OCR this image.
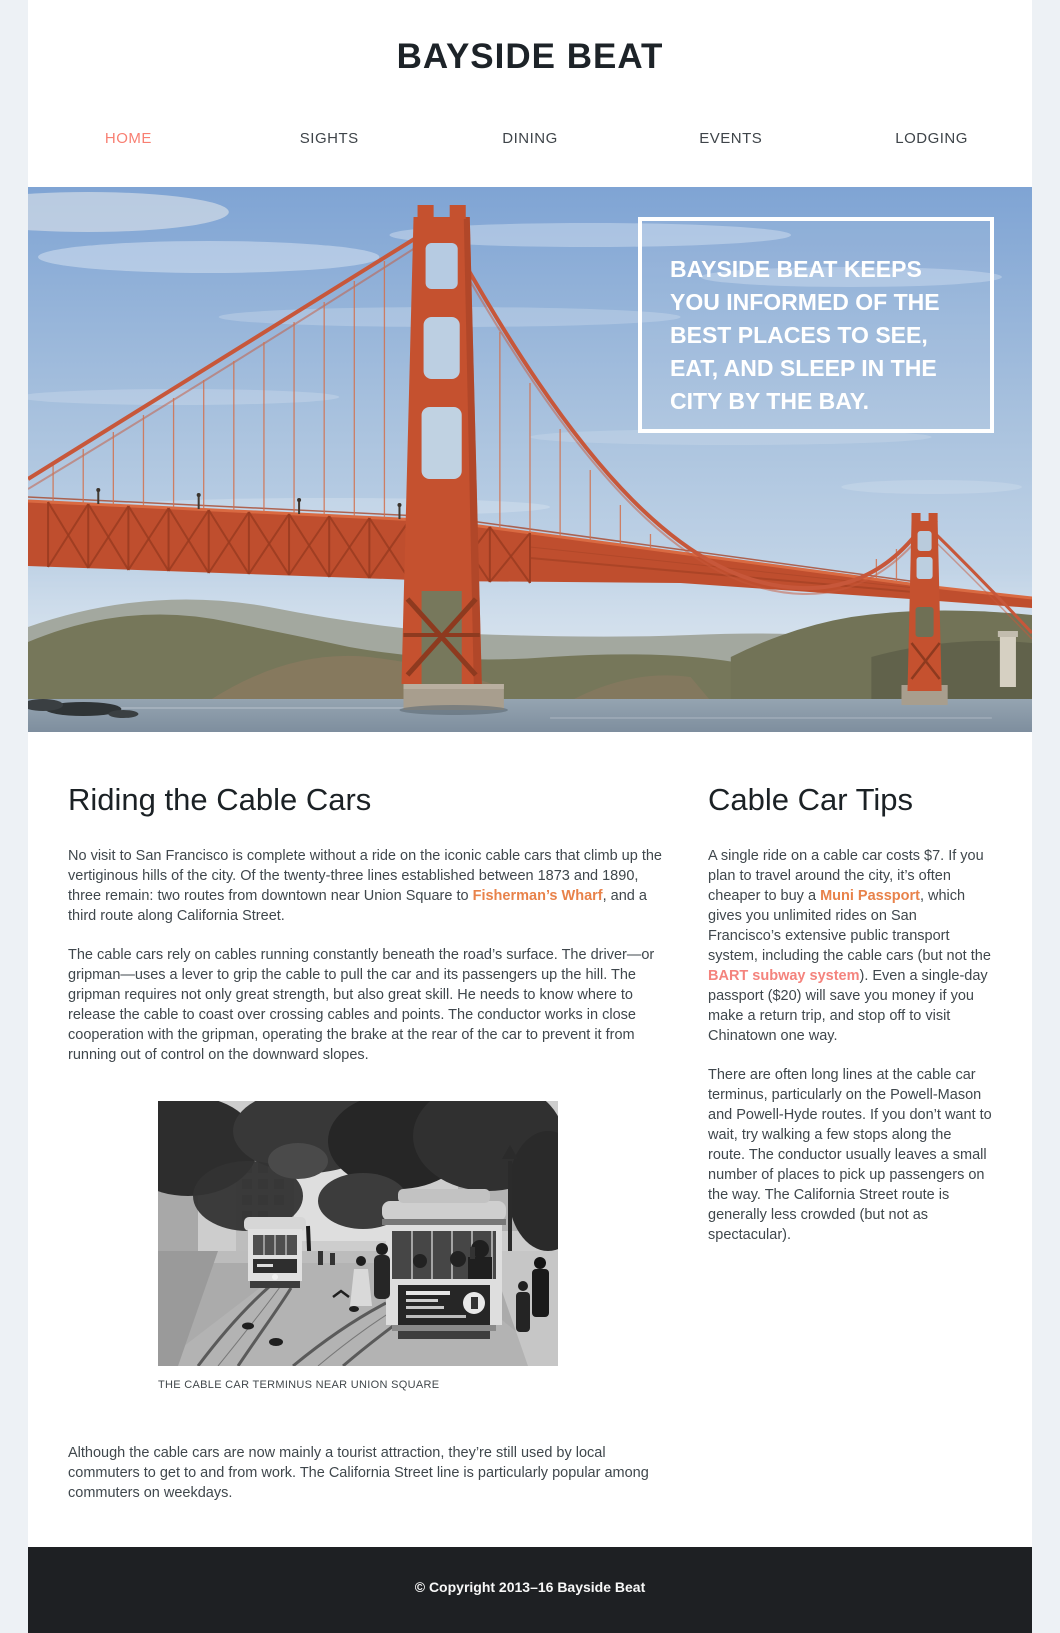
BAYSIDE BEAT
HOME	SIGHTS	DINING	EVENTS	LODGING

BAYSIDE BEAT KEEPS YOU INFORMED OF THE BEST PLACES TO SEE, EAT, AND SLEEP IN THE CITY BY THE BAY.

Riding the Cable Cars

No visit to San Francisco is complete without a ride on the iconic cable cars that climb up the vertiginous hills of the city. Of the twenty-three lines established between 1873 and 1890, three remain: two routes from downtown near Union Square to Fisherman’s Wharf, and a third route along California Street.

The cable cars rely on cables running constantly beneath the road’s surface. The driver—or gripman—uses a lever to grip the cable to pull the car and its passengers up the hill. The gripman requires not only great strength, but also great skill. He needs to know where to release the cable to coast over crossing cables and points. The conductor works in close cooperation with the gripman, operating the brake at the rear of the car to prevent it from running out of control on the downward slopes.

THE CABLE CAR TERMINUS NEAR UNION SQUARE

Although the cable cars are now mainly a tourist attraction, they’re still used by local commuters to get to and from work. The California Street line is particularly popular among commuters on weekdays.

Cable Car Tips

A single ride on a cable car costs $7. If you plan to travel around the city, it’s often cheaper to buy a Muni Passport, which gives you unlimited rides on San Francisco’s extensive public transport system, including the cable cars (but not the BART subway system). Even a single-day passport ($20) will save you money if you make a return trip, and stop off to visit Chinatown one way.

There are often long lines at the cable car terminus, particularly on the Powell-Mason and Powell-Hyde routes. If you don’t want to wait, try walking a few stops along the route. The conductor usually leaves a small number of places to pick up passengers on the way. The California Street route is generally less crowded (but not as spectacular).

© Copyright 2013–16 Bayside Beat
